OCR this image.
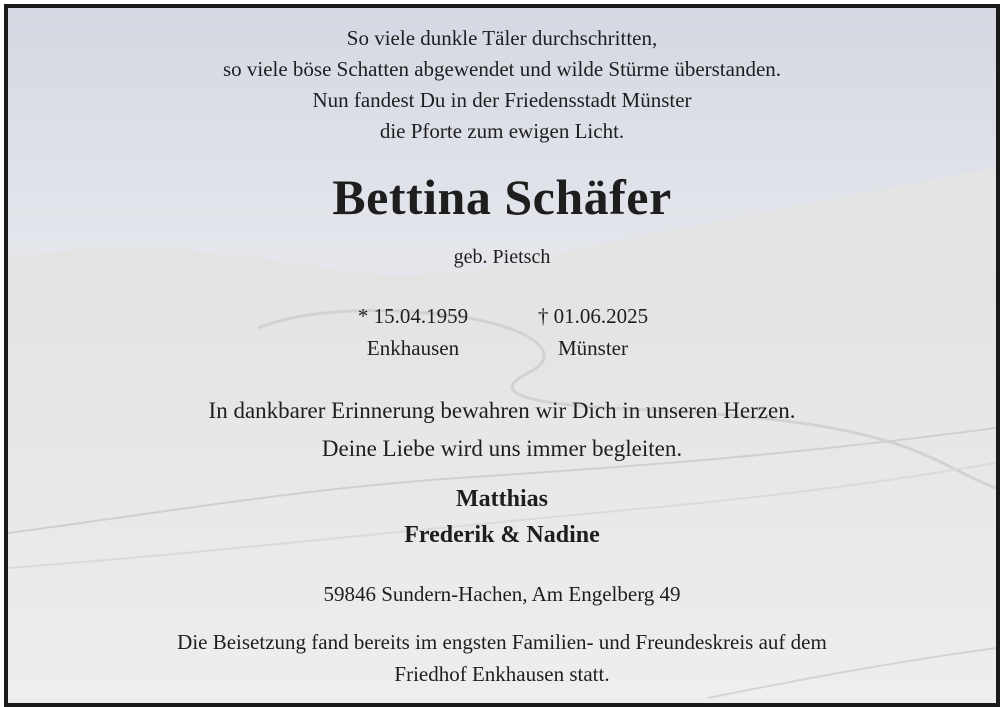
So viele dunkle Täler durchschritten,
so viele böse Schatten abgewendet und wilde Stürme überstanden.
Nun fandest Du in der Friedensstadt Münster
die Pforte zum ewigen Licht.
Bettina Schäfer
geb. Pietsch
* 15.04.1959
Enkhausen
† 01.06.2025
Münster
In dankbarer Erinnerung bewahren wir Dich in unseren Herzen.
Deine Liebe wird uns immer begleiten.
Matthias
Frederik & Nadine
59846 Sundern-Hachen, Am Engelberg 49
Die Beisetzung fand bereits im engsten Familien- und Freundeskreis auf dem
Friedhof Enkhausen statt.
